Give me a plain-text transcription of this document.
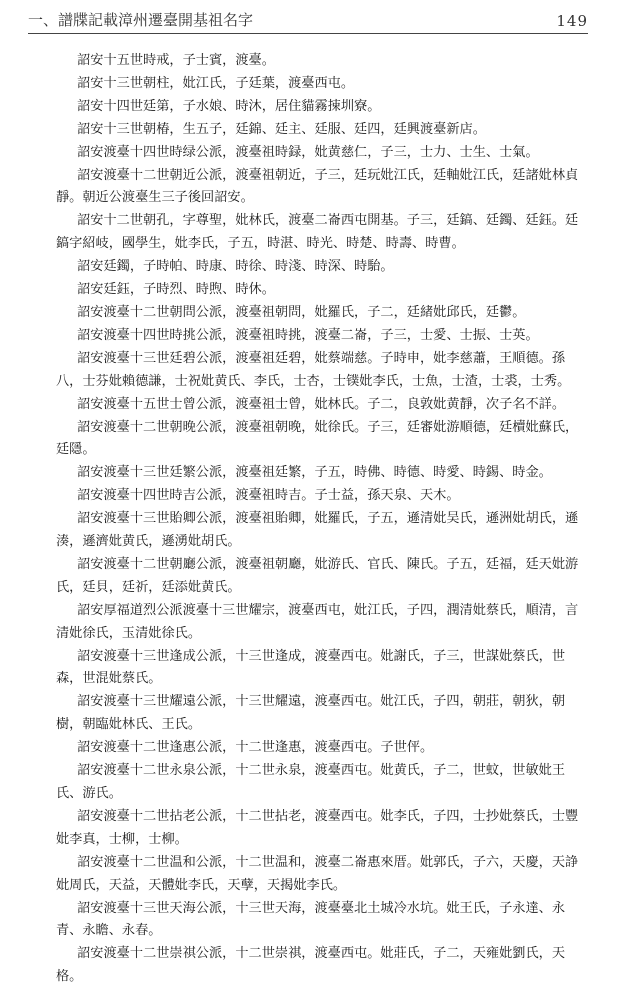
一、譜牒記載漳州遷臺開基祖名字	149

詔安十五世時戒，子士賓，渡臺。

詔安十三世朝柱，妣江氏，子廷葉，渡臺西屯。

詔安十四世廷第，子水娘、時沐，居住貓霧捒圳寮。

詔安十三世朝椿，生五子，廷錦、廷主、廷服、廷四，廷興渡臺新店。

詔安渡臺十四世時绿公派，渡臺祖時録，妣黄慈仁，子三，士力、士生、士氣。

詔安渡臺十二世朝近公派，渡臺祖朝近，子三，廷玩妣江氏，廷軸妣江氏，廷諸妣林貞靜。朝近公渡臺生三子後回詔安。

詔安十二世朝孔，字尊聖，妣林氏，渡臺二崙西屯開基。子三，廷鎬、廷鐲、廷鈺。廷鎬字紹岐，國學生，妣李氏，子五，時湛、時光、時楚、時壽、時曹。

詔安廷鐲，子時帕、時康、時徐、時淺、時深、時駘。

詔安廷鈺，子時烈、時煦、時休。

詔安渡臺十二世朝問公派，渡臺祖朝問，妣羅氏，子二，廷緒妣邱氏，廷鬱。

詔安渡臺十四世時挑公派，渡臺祖時挑，渡臺二崙，子三，士愛、士振、士英。

詔安渡臺十三世廷碧公派，渡臺祖廷碧，妣蔡端慈。子時申，妣李慈蕭，王順德。孫八，士芬妣賴德謙，士祝妣黄氏、李氏，士杏，士镤妣李氏，士魚，士渣，士裘，士秀。

詔安渡臺十五世士曾公派，渡臺祖士曾，妣林氏。子二，良敦妣黄靜，次子名不詳。

詔安渡臺十二世朝晚公派，渡臺祖朝晚，妣徐氏。子三，廷審妣游順德，廷櫝妣蘇氏，廷隱。

詔安渡臺十三世廷繁公派，渡臺祖廷繁，子五，時佛、時德、時愛、時錫、時金。

詔安渡臺十四世時吉公派，渡臺祖時吉。子士益，孫天泉、天木。

詔安渡臺十三世貽卿公派，渡臺祖貽卿，妣羅氏，子五，遜清妣吴氏，遜洲妣胡氏，遜湊，遜濟妣黄氏，遜湧妣胡氏。

詔安渡臺十二世朝廳公派，渡臺祖朝廳，妣游氏、官氏、陳氏。子五，廷福，廷天妣游氏，廷貝，廷祈，廷添妣黄氏。

詔安厚福道烈公派渡臺十三世耀宗，渡臺西屯，妣江氏，子四，潤清妣蔡氏，順清，言清妣徐氏，玉清妣徐氏。

詔安渡臺十三世逢成公派，十三世逢成，渡臺西屯。妣謝氏，子三，世謀妣蔡氏，世森，世混妣蔡氏。

詔安渡臺十三世耀遠公派，十三世耀遠，渡臺西屯。妣江氏，子四，朝莊，朝狄，朝樹，朝臨妣林氏、王氏。

詔安渡臺十二世逢惠公派，十二世逢惠，渡臺西屯。子世伻。

詔安渡臺十二世永泉公派，十二世永泉，渡臺西屯。妣黄氏，子二，世蚊，世敏妣王氏、游氏。

詔安渡臺十二世拈老公派，十二世拈老，渡臺西屯。妣李氏，子四，士抄妣蔡氏，士豐妣李真，士柳，士柳。

詔安渡臺十二世温和公派，十二世温和，渡臺二崙惠來厝。妣郭氏，子六，天慶，天諍妣周氏，天益，天體妣李氏，天孽，天揭妣李氏。

詔安渡臺十三世天海公派，十三世天海，渡臺臺北土城冷水坑。妣王氏，子永達、永青、永瞻、永春。

詔安渡臺十二世崇祺公派，十二世崇祺，渡臺西屯。妣莊氏，子二，天雍妣劉氏，天格。
